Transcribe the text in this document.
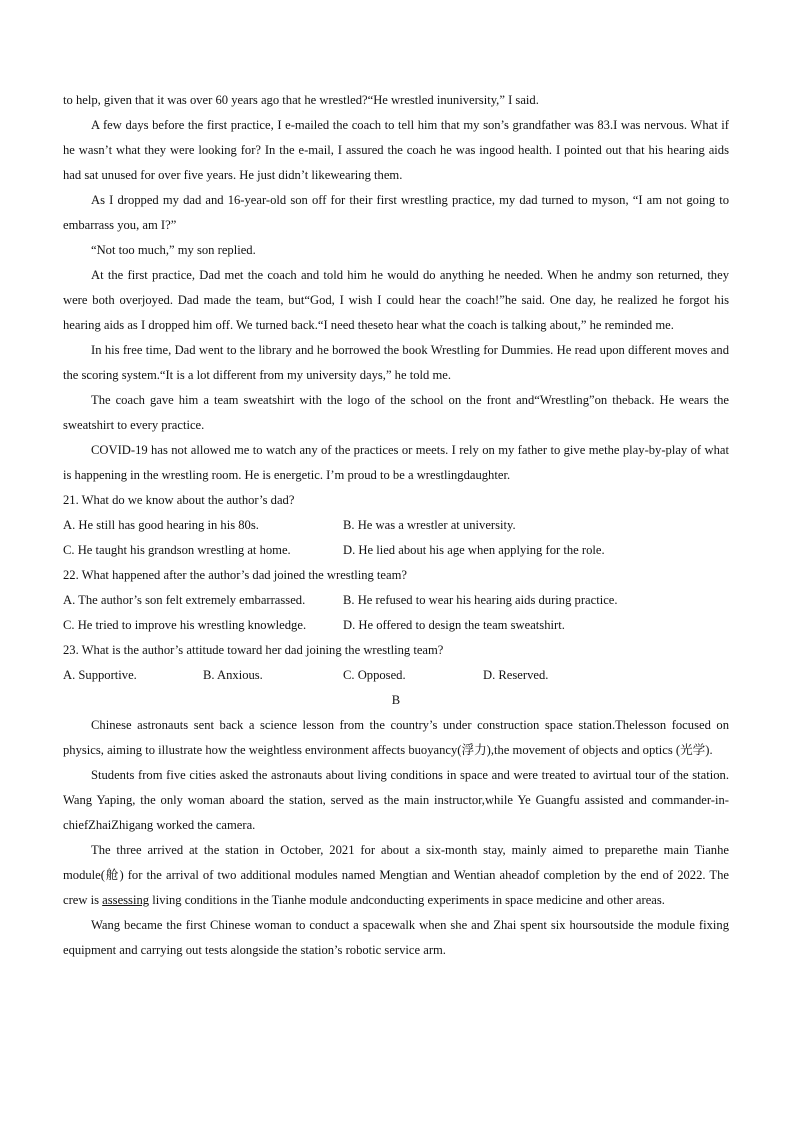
to help, given that it was over 60 years ago that he wrestled?“He wrestled inuniversity,” I said.

A few days before the first practice, I e-mailed the coach to tell him that my son’s grandfather was 83.I was nervous. What if he wasn’t what they were looking for? In the e-mail, I assured the coach he was ingood health. I pointed out that his hearing aids had sat unused for over five years. He just didn’t likewearing them.

As I dropped my dad and 16-year-old son off for their first wrestling practice, my dad turned to myson, “I am not going to embarrass you, am I?”

“Not too much,” my son replied.

At the first practice, Dad met the coach and told him he would do anything he needed. When he andmy son returned, they were both overjoyed. Dad made the team, but“God, I wish I could hear the coach!”he said. One day, he realized he forgot his hearing aids as I dropped him off. We turned back.“I need theseto hear what the coach is talking about,” he reminded me.

In his free time, Dad went to the library and he borrowed the book Wrestling for Dummies. He read upon different moves and the scoring system.“It is a lot different from my university days,” he told me.

The coach gave him a team sweatshirt with the logo of the school on the front and“Wrestling”on theback. He wears the sweatshirt to every practice.

COVID-19 has not allowed me to watch any of the practices or meets. I rely on my father to give methe play-by-play of what is happening in the wrestling room. He is energetic. I’m proud to be a wrestlingdaughter.

21. What do we know about the author’s dad?

A. He still has good hearing in his 80s.	B. He was a wrestler at university.
C. He taught his grandson wrestling at home.	D. He lied about his age when applying for the role.

22. What happened after the author’s dad joined the wrestling team?

A. The author’s son felt extremely embarrassed.	B. He refused to wear his hearing aids during practice.
C. He tried to improve his wrestling knowledge.	D. He offered to design the team sweatshirt.

23. What is the author’s attitude toward her dad joining the wrestling team?

A. Supportive.	B. Anxious.	C. Opposed.	D. Reserved.

B

Chinese astronauts sent back a science lesson from the country’s under construction space station.Thelesson focused on physics, aiming to illustrate how the weightless environment affects buoyancy(浮力),the movement of objects and optics (光学).

Students from five cities asked the astronauts about living conditions in space and were treated to avirtual tour of the station. Wang Yaping, the only woman aboard the station, served as the main instructor,while Ye Guangfu assisted and commander-in-chiefZhaiZhigang worked the camera.

The three arrived at the station in October, 2021 for about a six-month stay, mainly aimed to preparethe main Tianhe module(舱) for the arrival of two additional modules named Mengtian and Wentian aheadof completion by the end of 2022. The crew is assessing living conditions in the Tianhe module andconducting experiments in space medicine and other areas.

Wang became the first Chinese woman to conduct a spacewalk when she and Zhai spent six hoursoutside the module fixing equipment and carrying out tests alongside the station’s robotic service arm.
